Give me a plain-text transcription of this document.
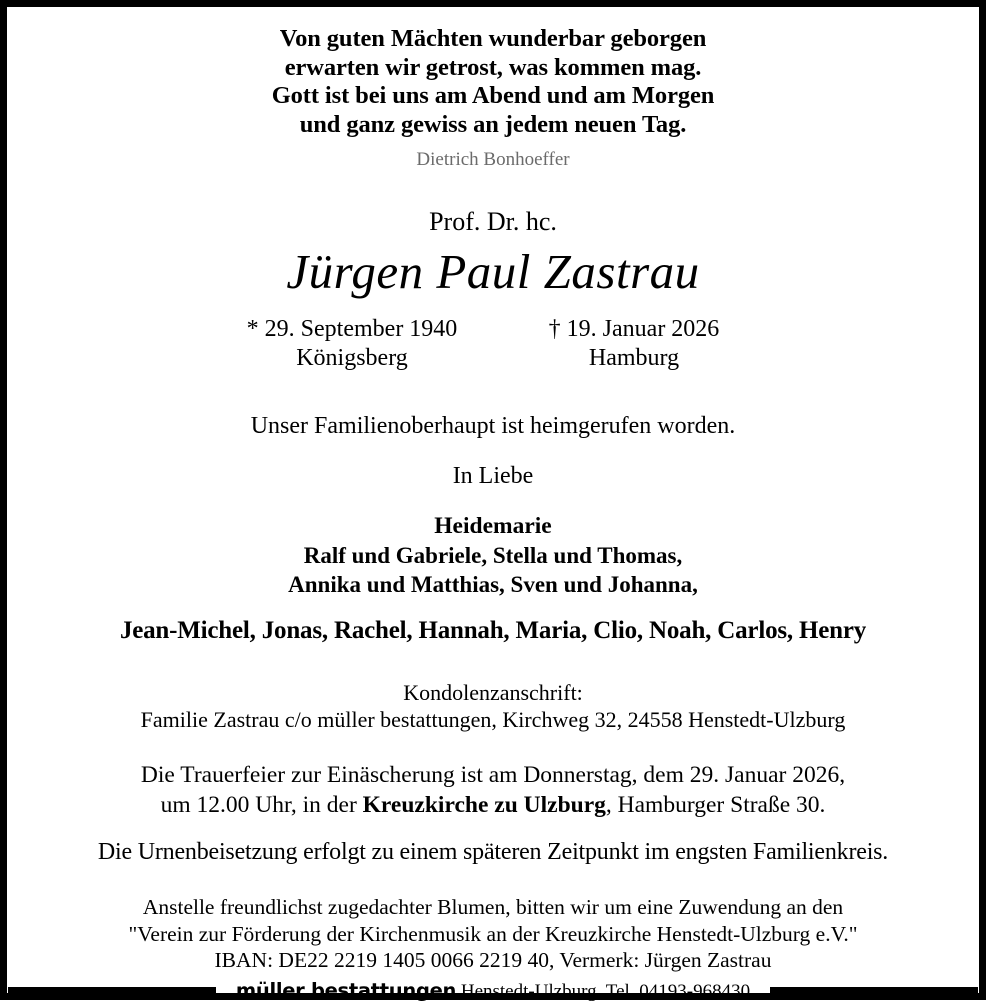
Von guten Mächten wunderbar geborgen
erwarten wir getrost, was kommen mag.
Gott ist bei uns am Abend und am Morgen
und ganz gewiss an jedem neuen Tag.
Dietrich Bonhoeffer
Prof. Dr. hc.
Jürgen Paul Zastrau
* 29. September 1940
Königsberg
† 19. Januar 2026
Hamburg
Unser Familienoberhaupt ist heimgerufen worden.
In Liebe
Heidemarie
Ralf und Gabriele, Stella und Thomas,
Annika und Matthias, Sven und Johanna,
Jean-Michel, Jonas, Rachel, Hannah, Maria, Clio, Noah, Carlos, Henry
Kondolenzanschrift:
Familie Zastrau c/o müller bestattungen, Kirchweg 32, 24558 Henstedt-Ulzburg
Die Trauerfeier zur Einäscherung ist am Donnerstag, dem 29. Januar 2026,
um 12.00 Uhr, in der Kreuzkirche zu Ulzburg, Hamburger Straße 30.
Die Urnenbeisetzung erfolgt zu einem späteren Zeitpunkt im engsten Familienkreis.
Anstelle freundlichst zugedachter Blumen, bitten wir um eine Zuwendung an den
"Verein zur Förderung der Kirchenmusik an der Kreuzkirche Henstedt-Ulzburg e.V."
IBAN: DE22 2219 1405 0066 2219 40, Vermerk: Jürgen Zastrau
müller bestattungen Henstedt-Ulzburg, Tel. 04193-968430
